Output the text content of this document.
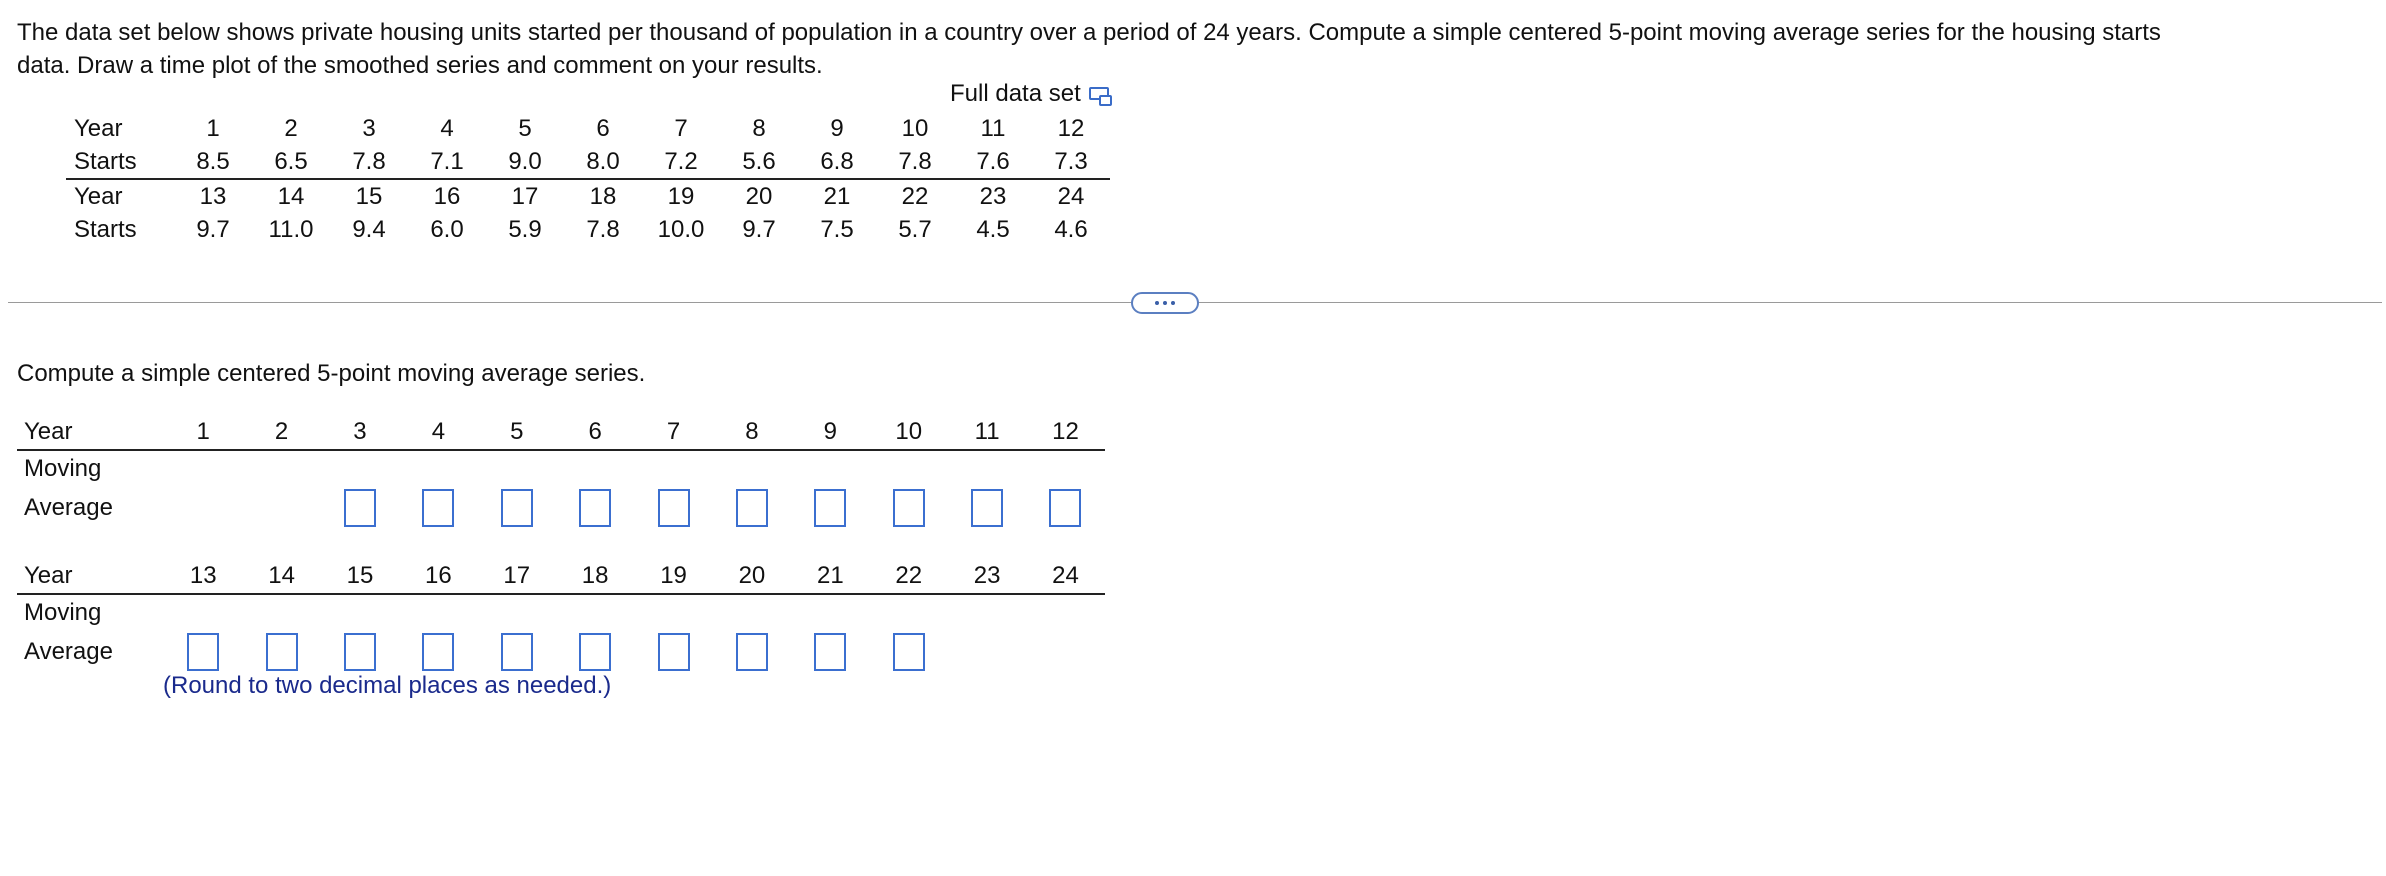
The data set below shows private housing units started per thousand of population in a country over a period of 24 years. Compute a simple centered 5-point moving average series for the housing starts
data. Draw a time plot of the smoothed series and comment on your results.
Full data set
Year	1	2	3	4	5	6	7	8	9	10	11	12
Starts	8.5	6.5	7.8	7.1	9.0	8.0	7.2	5.6	6.8	7.8	7.6	7.3
Year	13	14	15	16	17	18	19	20	21	22	23	24
Starts	9.7	11.0	9.4	6.0	5.9	7.8	10.0	9.7	7.5	5.7	4.5	4.6
Compute a simple centered 5-point moving average series.
Year	1	2	3	4	5	6	7	8	9	10	11	12
Moving												
Average												
Year	13	14	15	16	17	18	19	20	21	22	23	24
Moving												
Average												
(Round to two decimal places as needed.)
